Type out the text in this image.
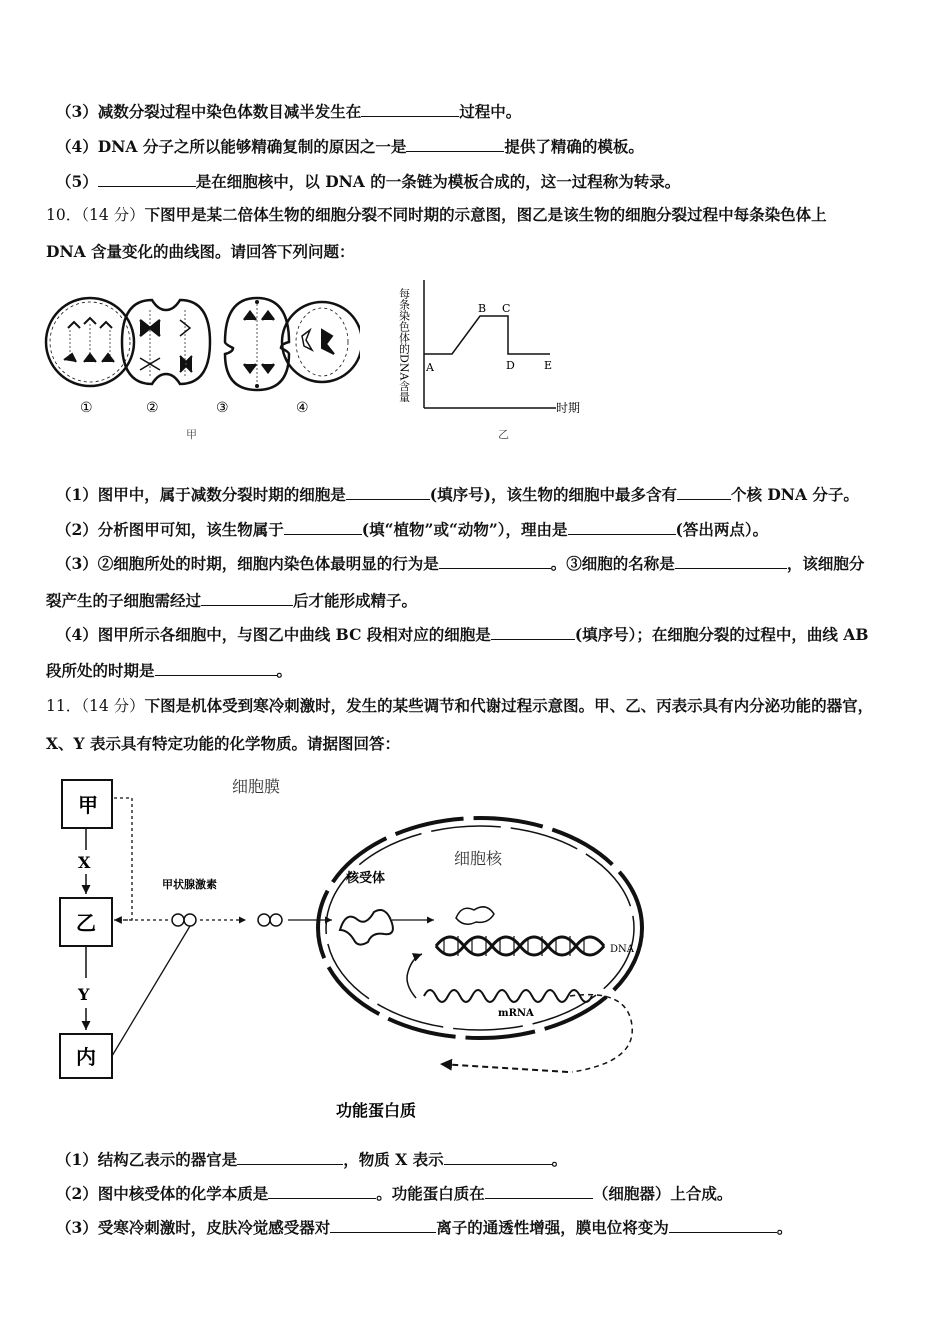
（3）减数分裂过程中染色体数目减半发生在	过程中。
（4）DNA 分子之所以能够精确复制的原因之一是	提供了精确的模板。
（5）	是在细胞核中，以 DNA 的一条链为模板合成的，这一过程称为转录。
10．（14 分）下图甲是某二倍体生物的细胞分裂不同时期的示意图，图乙是该生物的细胞分裂过程中每条染色体上
DNA 含量变化的曲线图。请回答下列问题：
①	②	③	④
甲
每条染色体的DNA含量 A
B C
D	E
时期
乙
（1）图甲中，属于减数分裂时期的细胞是	(填序号)，该生物的细胞中最多含有	个核 DNA 分子。
（2）分析图甲可知，该生物属于	(填“植物”或“动物”），理由是	(答出两点）。
（3）②细胞所处的时期，细胞内染色体最明显的行为是	。③细胞的名称是	，该细胞分
裂产生的子细胞需经过	后才能形成精子。
（4）图甲所示各细胞中，与图乙中曲线 BC 段相对应的细胞是	(填序号）；在细胞分裂的过程中，曲线 AB
段所处的时期是	。
11．（14 分）下图是机体受到寒冷刺激时，发生的某些调节和代谢过程示意图。甲、乙、丙表示具有内分泌功能的器官，
X、Y 表示具有特定功能的化学物质。请据图回答：
甲
乙
内
X
Y
甲状腺激素
细胞膜
细胞核
核受体
DNA
mRNA
功能蛋白质
（1）结构乙表示的器官是	，物质 X 表示	。
（2）图中核受体的化学本质是	。功能蛋白质在	（细胞器）上合成。
（3）受寒冷刺激时，皮肤冷觉感受器对	离子的通透性增强，膜电位将变为	。
